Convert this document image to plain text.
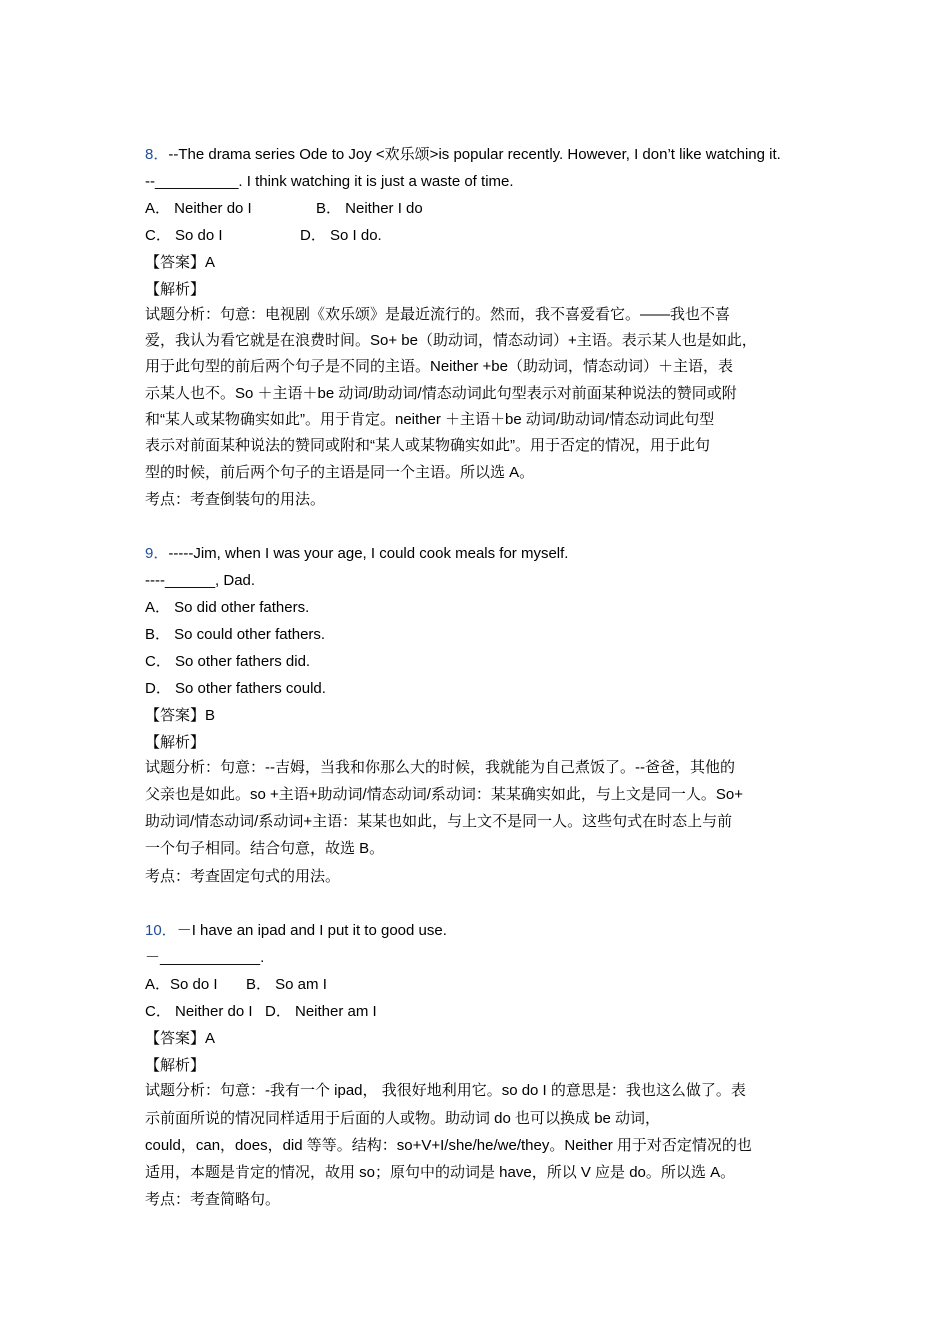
8．--The drama series Ode to Joy <欢乐颂>is popular recently. However, I don’t like watching it.
--__________. I think watching it is just a waste of time.
A． Neither do I	B． Neither I do
C． So do I	D． So I do.
【答案】A
【解析】
试题分析：句意：电视剧《欢乐颂》是最近流行的。然而，我不喜爱看它。——我也不喜
爱，我认为看它就是在浪费时间。So+ be（助动词，情态动词）+主语。表示某人也是如此，
用于此句型的前后两个句子是不同的主语。Neither +be（助动词，情态动词）＋主语，表
示某人也不。So ＋主语＋be 动词/助动词/情态动词此句型表示对前面某种说法的赞同或附
和“某人或某物确实如此”。用于肯定。neither ＋主语＋be 动词/助动词/情态动词此句型
表示对前面某种说法的赞同或附和“某人或某物确实如此”。用于否定的情况，用于此句
型的时候，前后两个句子的主语是同一个主语。所以选 A。
考点：考查倒装句的用法。
9．-----Jim, when I was your age, I could cook meals for myself.
----______, Dad.
A． So did other fathers.
B． So could other fathers.
C． So other fathers did.
D． So other fathers could.
【答案】B
【解析】
试题分析：句意：--吉姆，当我和你那么大的时候，我就能为自己煮饭了。--爸爸，其他的
父亲也是如此。so +主语+助动词/情态动词/系动词：某某确实如此，与上文是同一人。So+
助动词/情态动词/系动词+主语：某某也如此，与上文不是同一人。这些句式在时态上与前
一个句子相同。结合句意，故选 B。
考点：考查固定句式的用法。
10．－I have an ipad and I put it to good use.
－____________.
A．So do I B． So am I
C． Neither do I D． Neither am I
【答案】A
【解析】
试题分析：句意：-我有一个 ipad， 我很好地利用它。so do I 的意思是：我也这么做了。表
示前面所说的情况同样适用于后面的人或物。助动词 do 也可以换成 be 动词，
could，can，does，did 等等。结构：so+V+I/she/he/we/they。Neither 用于对否定情况的也
适用，本题是肯定的情况，故用 so；原句中的动词是 have，所以 V 应是 do。所以选 A。
考点：考查简略句。
